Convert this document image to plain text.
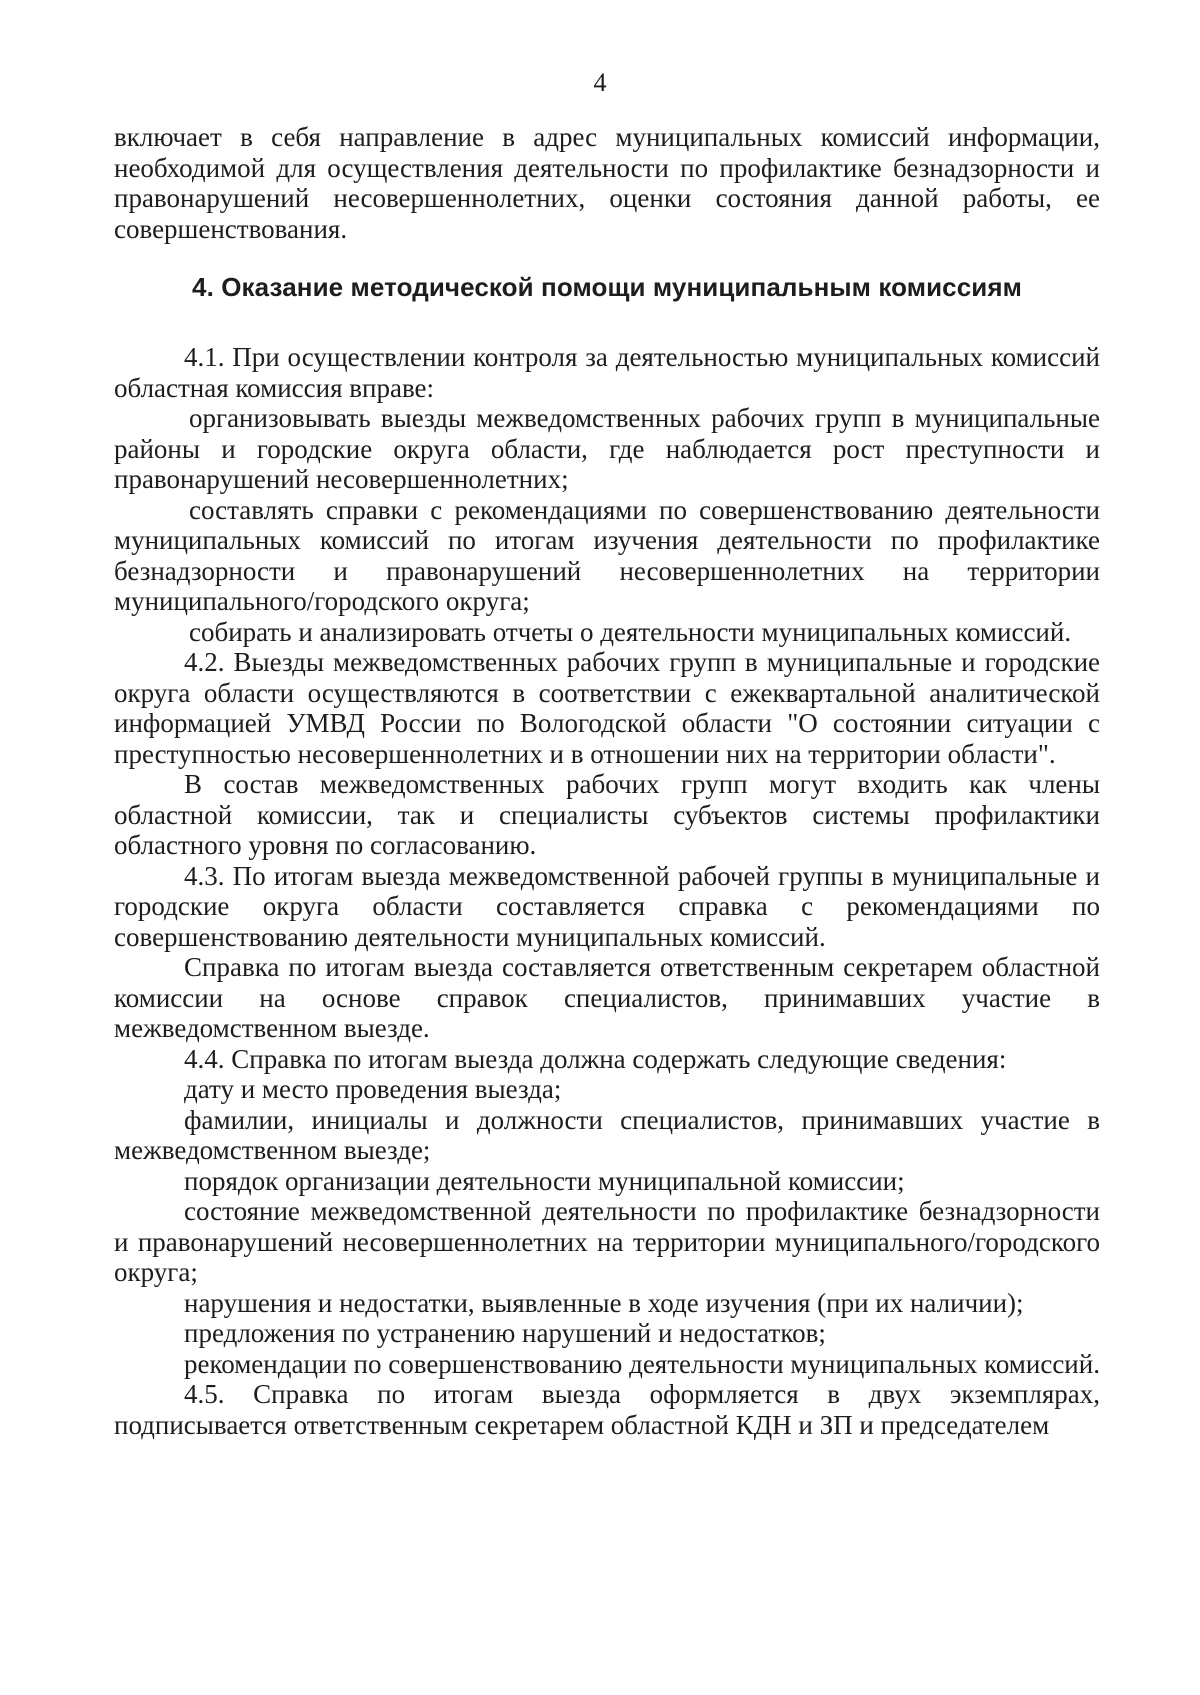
4

включает в себя направление в адрес муниципальных комиссий информации, необходимой для осуществления деятельности по профилактике безнадзорности и правонарушений несовершеннолетних, оценки состояния данной работы, ее совершенствования.

4. Оказание методической помощи муниципальным комиссиям

4.1. При осуществлении контроля за деятельностью муниципальных комиссий областная комиссия вправе:

организовывать выезды межведомственных рабочих групп в муниципальные районы и городские округа области, где наблюдается рост преступности и правонарушений несовершеннолетних;

составлять справки с рекомендациями по совершенствованию деятельности муниципальных комиссий по итогам изучения деятельности по профилактике безнадзорности и правонарушений несовершеннолетних на территории муниципального/городского округа;

собирать и анализировать отчеты о деятельности муниципальных комиссий.

4.2. Выезды межведомственных рабочих групп в муниципальные и городские округа области осуществляются в соответствии с ежеквартальной аналитической информацией УМВД России по Вологодской области "О состоянии ситуации с преступностью несовершеннолетних и в отношении них на территории области".

В состав межведомственных рабочих групп могут входить как члены областной комиссии, так и специалисты субъектов системы профилактики областного уровня по согласованию.

4.3. По итогам выезда межведомственной рабочей группы в муниципальные и городские округа области составляется справка с рекомендациями по совершенствованию деятельности муниципальных комиссий.

Справка по итогам выезда составляется ответственным секретарем областной комиссии на основе справок специалистов, принимавших участие в межведомственном выезде.

4.4. Справка по итогам выезда должна содержать следующие сведения:

дату и место проведения выезда;

фамилии, инициалы и должности специалистов, принимавших участие в межведомственном выезде;

порядок организации деятельности муниципальной комиссии;

состояние межведомственной деятельности по профилактике безнадзорности и правонарушений несовершеннолетних на территории муниципального/городского округа;

нарушения и недостатки, выявленные в ходе изучения (при их наличии);

предложения по устранению нарушений и недостатков;

рекомендации по совершенствованию деятельности муниципальных комиссий.

4.5. Справка по итогам выезда оформляется в двух экземплярах, подписывается ответственным секретарем областной КДН и ЗП и председателем
